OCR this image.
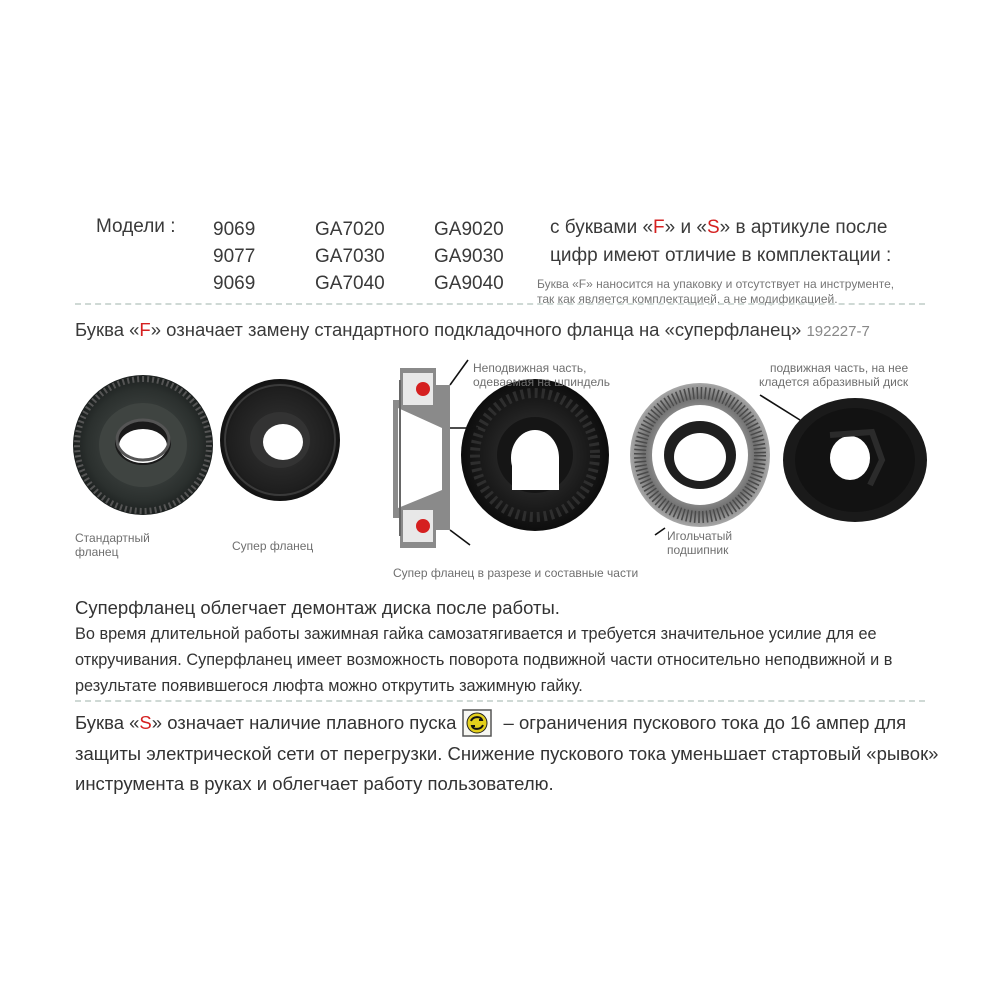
Модели : 9069
9077
9069
GA7020
GA7030
GA7040
GA9020
GA9030
GA9040
с буквами «F» и «S» в артикуле после
цифр имеют отличие в комплектации :
Буква «F» наносится на упаковку и отсутствует на инструменте,
так как является комплектацией, а не модификацией.
Буква «F» означает замену стандартного подкладочного фланца на «суперфланец» 192227-7
Стандартный
фланец	Супер фланец
Неподвижная часть,
одеваемая на шпиндель
подвижная часть, на нее
кладется абразивный диск
Игольчатый
подшипник
Супер фланец в разрезе и составные части
Суперфланец облегчает демонтаж диска после работы.
Во время длительной работы зажимная гайка самозатягивается и требуется значительное усилие для ее откручивания. Суперфланец имеет возможность поворота подвижной части относительно неподвижной и в результате появившегося люфта можно открутить зажимную гайку.
Буква «S» означает наличие плавного пуска
– ограничения пускового тока до 16 ампер для защиты электрической сети от перегрузки. Снижение пускового тока уменьшает стартовый «рывок» инструмента в руках и облегчает работу пользователю.
